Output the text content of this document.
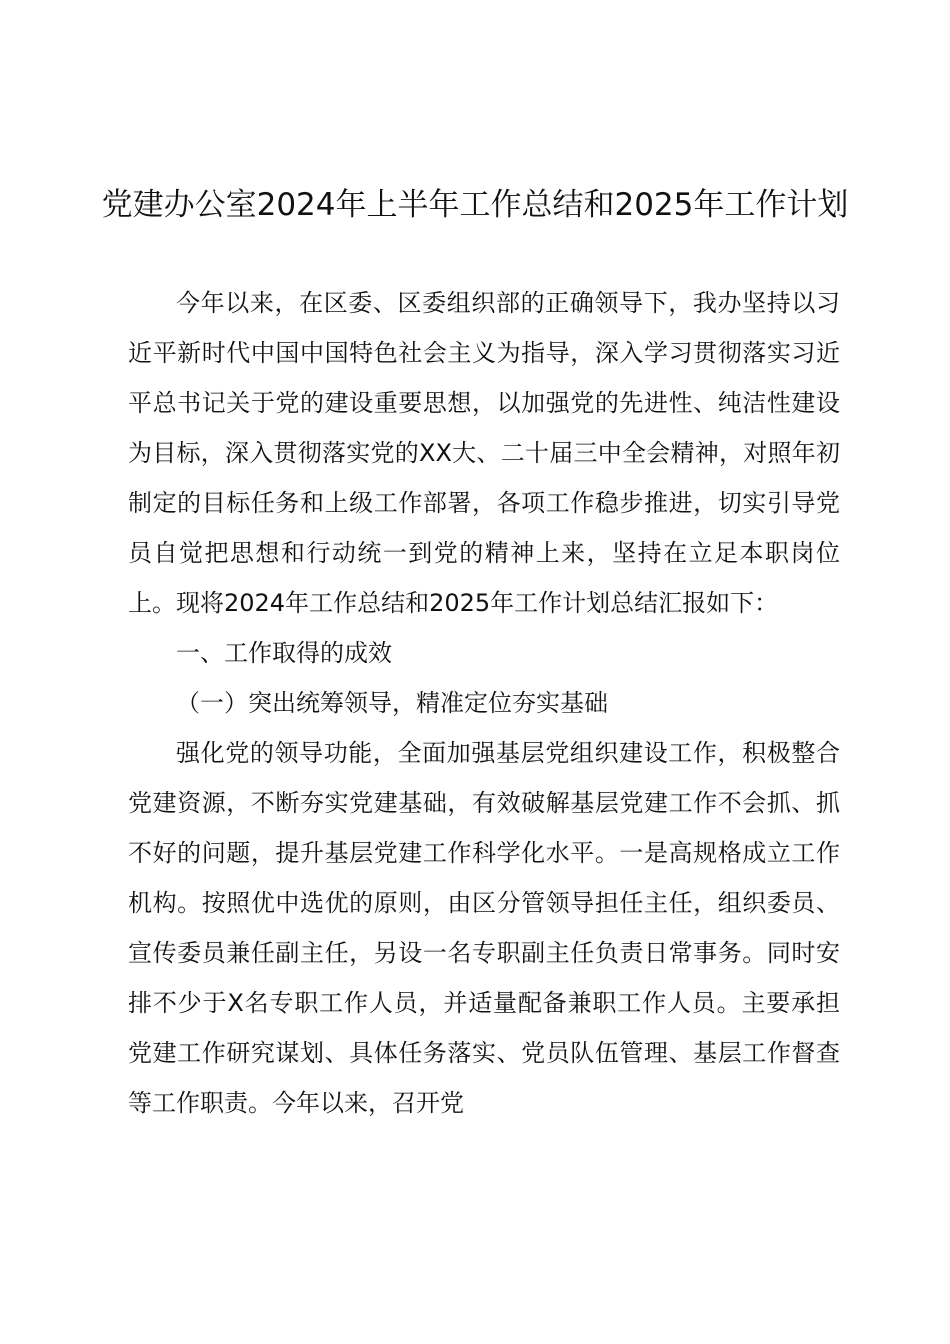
党建办公室2024年上半年工作总结和2025年工作计划

今年以来，在区委、区委组织部的正确领导下，我办坚持以习近平新时代中国中国特色社会主义为指导，深入学习贯彻落实习近平总书记关于党的建设重要思想，以加强党的先进性、纯洁性建设为目标，深入贯彻落实党的XX大、二十届三中全会精神，对照年初制定的目标任务和上级工作部署，各项工作稳步推进，切实引导党员自觉把思想和行动统一到党的精神上来，坚持在立足本职岗位上。现将2024年工作总结和2025年工作计划总结汇报如下：

一、工作取得的成效

（一）突出统筹领导，精准定位夯实基础

强化党的领导功能，全面加强基层党组织建设工作，积极整合党建资源，不断夯实党建基础，有效破解基层党建工作不会抓、抓不好的问题，提升基层党建工作科学化水平。一是高规格成立工作机构。按照优中选优的原则，由区分管领导担任主任，组织委员、宣传委员兼任副主任，另设一名专职副主任负责日常事务。同时安排不少于X名专职工作人员，并适量配备兼职工作人员。主要承担党建工作研究谋划、具体任务落实、党员队伍管理、基层工作督查等工作职责。今年以来，召开党
